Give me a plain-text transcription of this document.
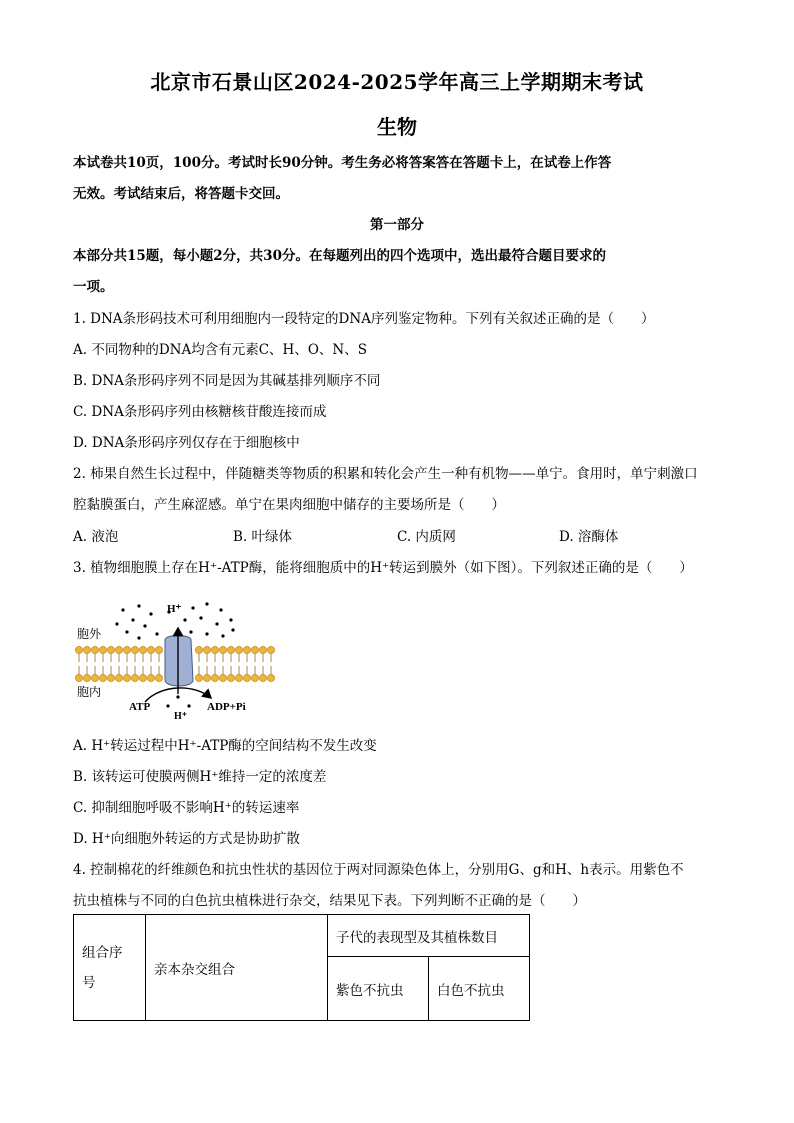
北京市石景山区2024-2025学年高三上学期期末考试
生物
本试卷共10页，100分。考试时长90分钟。考生务必将答案答在答题卡上，在试卷上作答
无效。考试结束后，将答题卡交回。
第一部分
本部分共15题，每小题2分，共30分。在每题列出的四个选项中，选出最符合题目要求的
一项。
1. DNA条形码技术可利用细胞内一段特定的DNA序列鉴定物种。下列有关叙述正确的是（　　）
A. 不同物种的DNA均含有元素C、H、O、N、S
B. DNA条形码序列不同是因为其碱基排列顺序不同
C. DNA条形码序列由核糖核苷酸连接而成
D. DNA条形码序列仅存在于细胞核中
2. 柿果自然生长过程中，伴随糖类等物质的积累和转化会产生一种有机物——单宁。食用时，单宁刺激口
腔黏膜蛋白，产生麻涩感。单宁在果肉细胞中储存的主要场所是（　　）
A. 液泡	B. 叶绿体	C. 内质网	D. 溶酶体
3. 植物细胞膜上存在H⁺-ATP酶，能将细胞质中的H⁺转运到膜外（如下图）。下列叙述正确的是（　　）
H⁺
胞外
胞内
ATP	ADP+Pi
H⁺
A. H⁺转运过程中H⁺-ATP酶的空间结构不发生改变
B. 该转运可使膜两侧H⁺维持一定的浓度差
C. 抑制细胞呼吸不影响H⁺的转运速率
D. H⁺向细胞外转运的方式是协助扩散
4. 控制棉花的纤维颜色和抗虫性状的基因位于两对同源染色体上，分别用G、g和H、h表示。用紫色不
抗虫植株与不同的白色抗虫植株进行杂交，结果见下表。下列判断不正确的是（　　）
组合序
号	亲本杂交组合	子代的表现型及其植株数目	
		紫色不抗虫	白色不抗虫
